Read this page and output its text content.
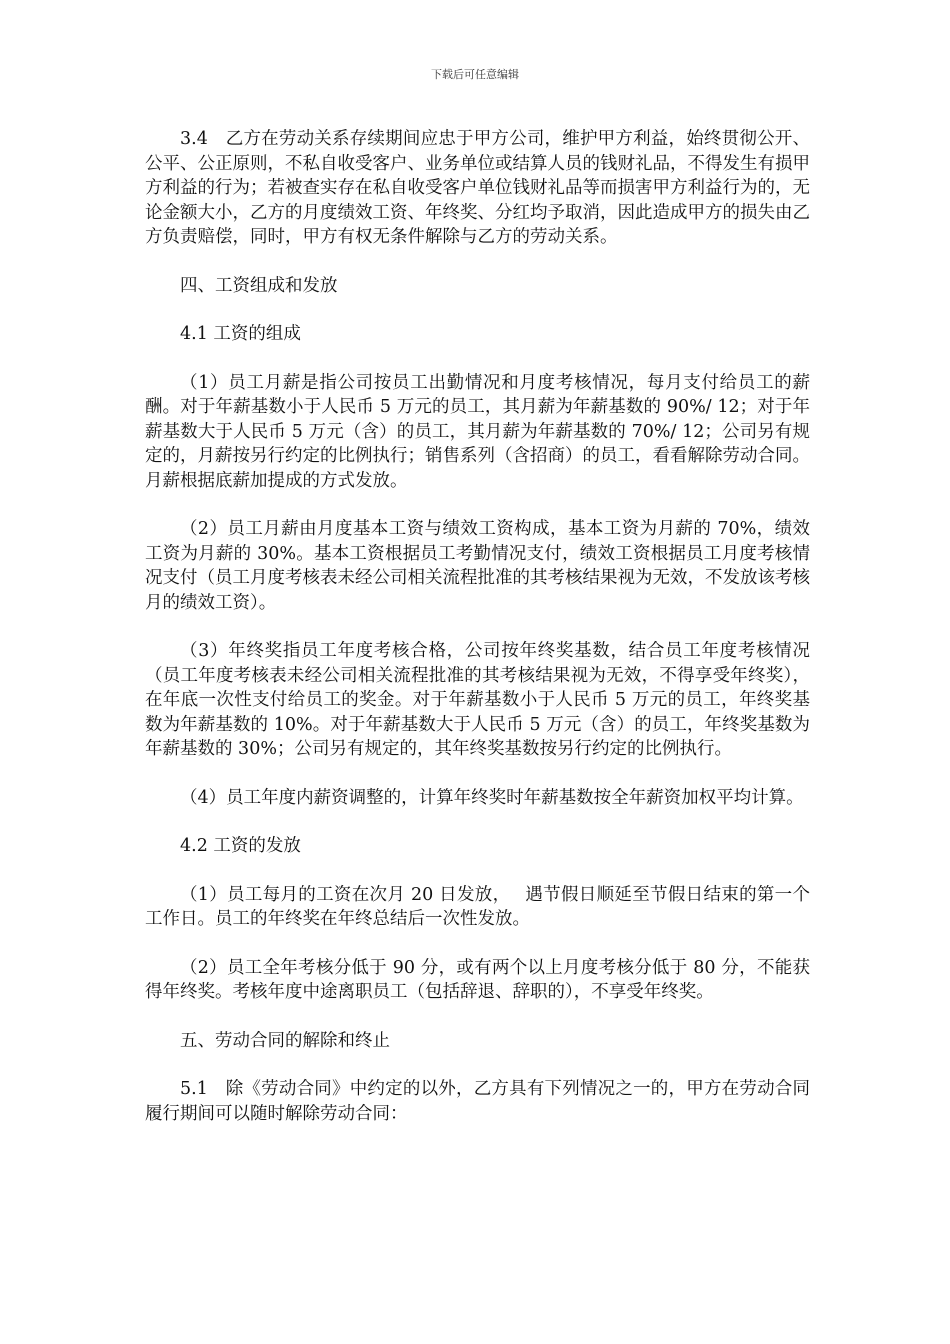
下载后可任意编辑

3.4　乙方在劳动关系存续期间应忠于甲方公司，维护甲方利益，始终贯彻公开、公平、公正原则，不私自收受客户、业务单位或结算人员的钱财礼品，不得发生有损甲方利益的行为；若被查实存在私自收受客户单位钱财礼品等而损害甲方利益行为的，无论金额大小，乙方的月度绩效工资、年终奖、分红均予取消，因此造成甲方的损失由乙方负责赔偿，同时，甲方有权无条件解除与乙方的劳动关系。

四、工资组成和发放

4.1 工资的组成

（1）员工月薪是指公司按员工出勤情况和月度考核情况，每月支付给员工的薪酬。对于年薪基数小于人民币 5 万元的员工，其月薪为年薪基数的 90%/ 12；对于年薪基数大于人民币 5 万元（含）的员工，其月薪为年薪基数的 70%/ 12；公司另有规定的，月薪按另行约定的比例执行；销售系列（含招商）的员工，看看解除劳动合同。月薪根据底薪加提成的方式发放。

（2）员工月薪由月度基本工资与绩效工资构成，基本工资为月薪的 70%，绩效工资为月薪的 30%。基本工资根据员工考勤情况支付，绩效工资根据员工月度考核情况支付（员工月度考核表未经公司相关流程批准的其考核结果视为无效，不发放该考核月的绩效工资）。

（3）年终奖指员工年度考核合格，公司按年终奖基数，结合员工年度考核情况（员工年度考核表未经公司相关流程批准的其考核结果视为无效，不得享受年终奖），在年底一次性支付给员工的奖金。对于年薪基数小于人民币 5 万元的员工，年终奖基数为年薪基数的 10%。对于年薪基数大于人民币 5 万元（含）的员工，年终奖基数为年薪基数的 30%；公司另有规定的，其年终奖基数按另行约定的比例执行。

（4）员工年度内薪资调整的，计算年终奖时年薪基数按全年薪资加权平均计算。

4.2 工资的发放

（1）员工每月的工资在次月 20 日发放，　 遇节假日顺延至节假日结束的第一个工作日。员工的年终奖在年终总结后一次性发放。

（2）员工全年考核分低于 90 分，或有两个以上月度考核分低于 80 分，不能获得年终奖。考核年度中途离职员工（包括辞退、辞职的），不享受年终奖。

五、劳动合同的解除和终止

5.1　除《劳动合同》中约定的以外，乙方具有下列情况之一的，甲方在劳动合同履行期间可以随时解除劳动合同：
